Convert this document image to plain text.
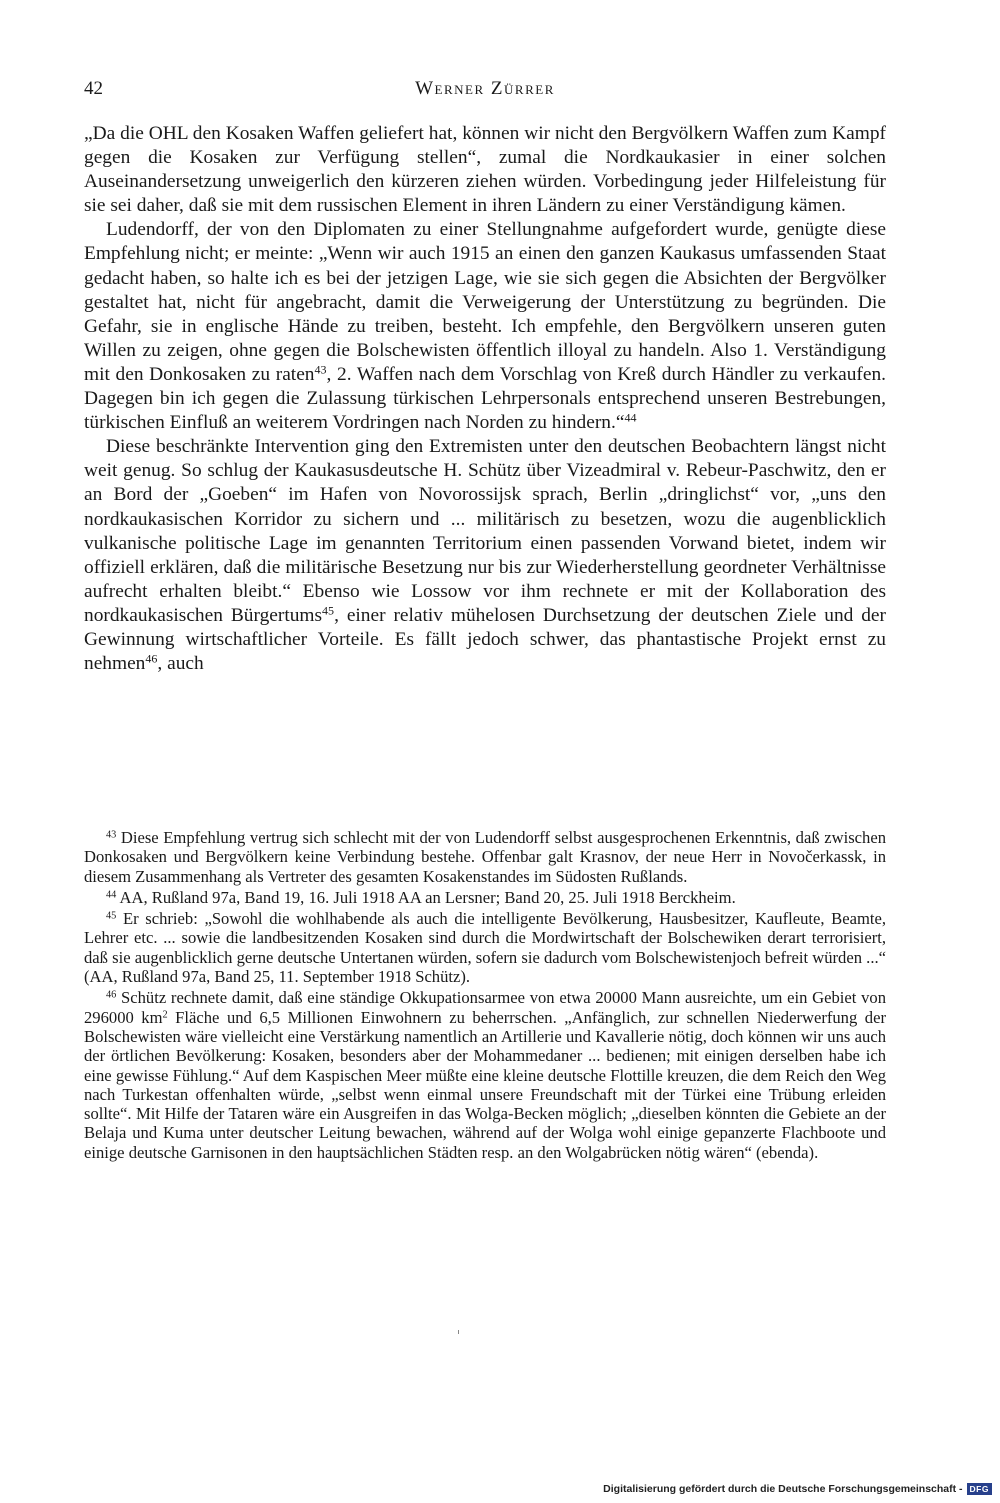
42	Werner Zürrer

„Da die OHL den Kosaken Waffen geliefert hat, können wir nicht den Bergvölkern Waffen zum Kampf gegen die Kosaken zur Verfügung stellen“, zumal die Nordkaukasier in einer solchen Auseinandersetzung unweigerlich den kürzeren ziehen würden. Vorbedingung jeder Hilfeleistung für sie sei daher, daß sie mit dem russischen Element in ihren Ländern zu einer Verständigung kämen.

Ludendorff, der von den Diplomaten zu einer Stellungnahme aufgefordert wurde, genügte diese Empfehlung nicht; er meinte: „Wenn wir auch 1915 an einen den ganzen Kaukasus umfassenden Staat gedacht haben, so halte ich es bei der jetzigen Lage, wie sie sich gegen die Absichten der Bergvölker gestaltet hat, nicht für angebracht, damit die Verweigerung der Unterstützung zu begründen. Die Gefahr, sie in englische Hände zu treiben, besteht. Ich empfehle, den Bergvölkern unseren guten Willen zu zeigen, ohne gegen die Bolschewisten öffentlich illoyal zu handeln. Also 1. Verständigung mit den Donkosaken zu raten$^{43}$, 2. Waffen nach dem Vorschlag von Kreß durch Händler zu verkaufen. Dagegen bin ich gegen die Zulassung türkischen Lehrpersonals entsprechend unseren Bestrebungen, türkischen Einfluß an weiterem Vordringen nach Norden zu hindern.“$^{44}$

Diese beschränkte Intervention ging den Extremisten unter den deutschen Beobachtern längst nicht weit genug. So schlug der Kaukasusdeutsche H. Schütz über Vizeadmiral v. Rebeur-Paschwitz, den er an Bord der „Goeben“ im Hafen von Novorossijsk sprach, Berlin „dringlichst“ vor, „uns den nordkaukasischen Korridor zu sichern und ... militärisch zu besetzen, wozu die augenblicklich vulkanische politische Lage im genannten Territorium einen passenden Vorwand bietet, indem wir offiziell erklären, daß die militärische Besetzung nur bis zur Wiederherstellung geordneter Verhältnisse aufrecht erhalten bleibt.“ Ebenso wie Lossow vor ihm rechnete er mit der Kollaboration des nordkaukasischen Bürgertums$^{45}$, einer relativ mühelosen Durchsetzung der deutschen Ziele und der Gewinnung wirtschaftlicher Vorteile. Es fällt jedoch schwer, das phantastische Projekt ernst zu nehmen$^{46}$, auch

$^{43}$ Diese Empfehlung vertrug sich schlecht mit der von Ludendorff selbst ausgesprochenen Erkenntnis, daß zwischen Donkosaken und Bergvölkern keine Verbindung bestehe. Offenbar galt Krasnov, der neue Herr in Novočerkassk, in diesem Zusammenhang als Vertreter des gesamten Kosakenstandes im Südosten Rußlands.

$^{44}$ AA, Rußland 97a, Band 19, 16. Juli 1918 AA an Lersner; Band 20, 25. Juli 1918 Berckheim.

$^{45}$ Er schrieb: „Sowohl die wohlhabende als auch die intelligente Bevölkerung, Hausbesitzer, Kaufleute, Beamte, Lehrer etc. ... sowie die landbesitzenden Kosaken sind durch die Mordwirtschaft der Bolschewiken derart terrorisiert, daß sie augenblicklich gerne deutsche Untertanen würden, sofern sie dadurch vom Bolschewistenjoch befreit würden ...“ (AA, Rußland 97a, Band 25, 11. September 1918 Schütz).

$^{46}$ Schütz rechnete damit, daß eine ständige Okkupationsarmee von etwa 20000 Mann ausreichte, um ein Gebiet von 296000 $km^2$ Fläche und 6,5 Millionen Einwohnern zu beherrschen. „Anfänglich, zur schnellen Niederwerfung der Bolschewisten wäre vielleicht eine Verstärkung namentlich an Artillerie und Kavallerie nötig, doch können wir uns auch der örtlichen Bevölkerung: Kosaken, besonders aber der Mohammedaner ... bedienen; mit einigen derselben habe ich eine gewisse Fühlung.“ Auf dem Kaspischen Meer müßte eine kleine deutsche Flottille kreuzen, die dem Reich den Weg nach Turkestan offenhalten würde, „selbst wenn einmal unsere Freundschaft mit der Türkei eine Trübung erleiden sollte“. Mit Hilfe der Tataren wäre ein Ausgreifen in das Wolga-Becken möglich; „dieselben könnten die Gebiete an der Belaja und Kuma unter deutscher Leitung bewachen, während auf der Wolga wohl einige gepanzerte Flachboote und einige deutsche Garnisonen in den hauptsächlichen Städten resp. an den Wolgabrücken nötig wären“ (ebenda).

Digitalisierung gefördert durch die Deutsche Forschungsgemeinschaft - DFG
